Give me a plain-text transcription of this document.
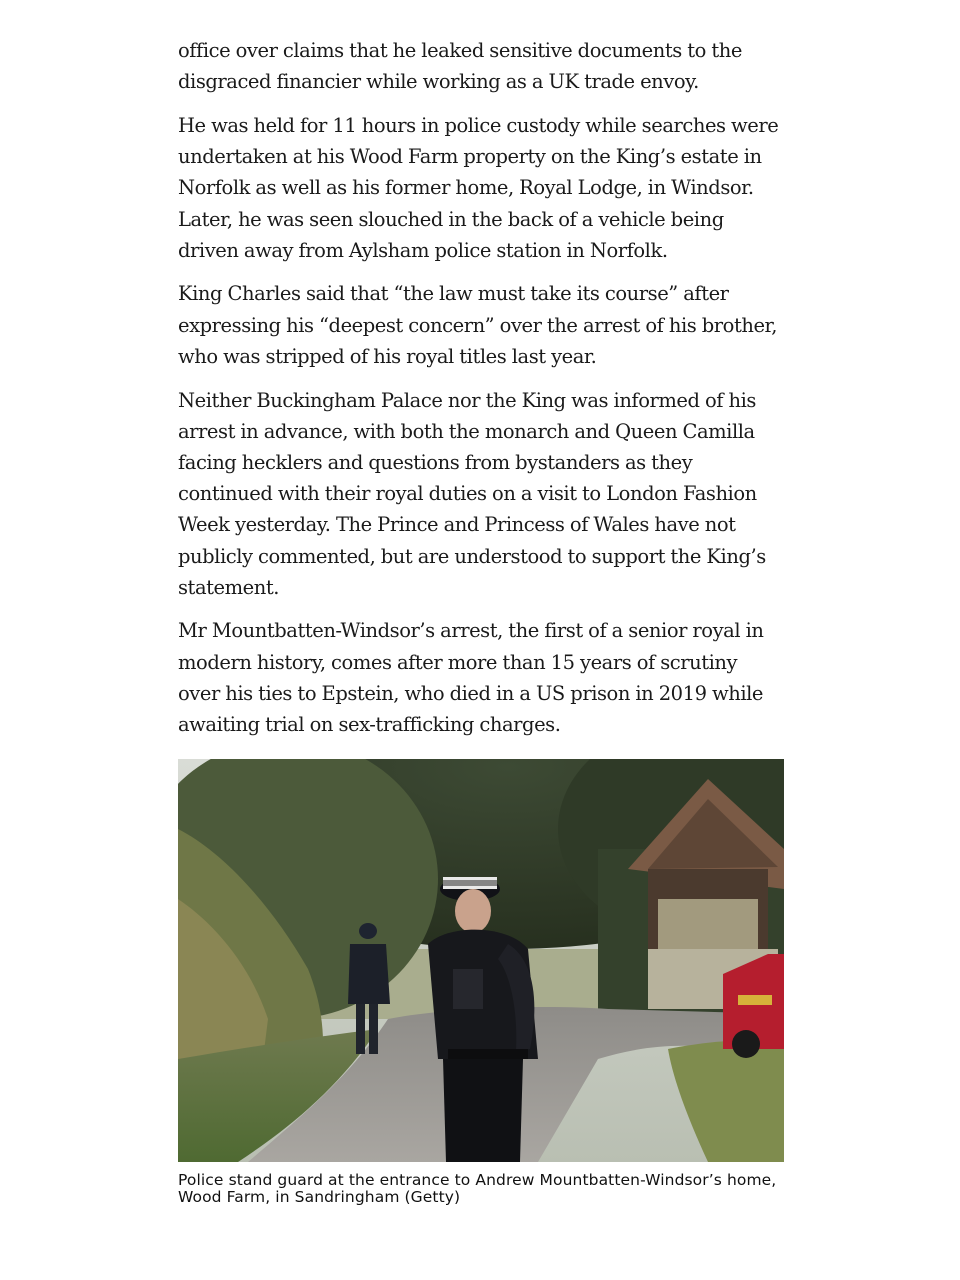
office over claims that he leaked sensitive documents to the disgraced financier while working as a UK trade envoy.

He was held for 11 hours in police custody while searches were undertaken at his Wood Farm property on the King’s estate in Norfolk as well as his former home, Royal Lodge, in Windsor. Later, he was seen slouched in the back of a vehicle being driven away from Aylsham police station in Norfolk.

King Charles said that “the law must take its course” after expressing his “deepest concern” over the arrest of his brother, who was stripped of his royal titles last year.

Neither Buckingham Palace nor the King was informed of his arrest in advance, with both the monarch and Queen Camilla facing hecklers and questions from bystanders as they continued with their royal duties on a visit to London Fashion Week yesterday. The Prince and Princess of Wales have not publicly commented, but are understood to support the King’s statement.

Mr Mountbatten-Windsor’s arrest, the first of a senior royal in modern history, comes after more than 15 years of scrutiny over his ties to Epstein, who died in a US prison in 2019 while awaiting trial on sex-trafficking charges.

Police stand guard at the entrance to Andrew Mountbatten-Windsor’s home, Wood Farm, in Sandringham (Getty)
